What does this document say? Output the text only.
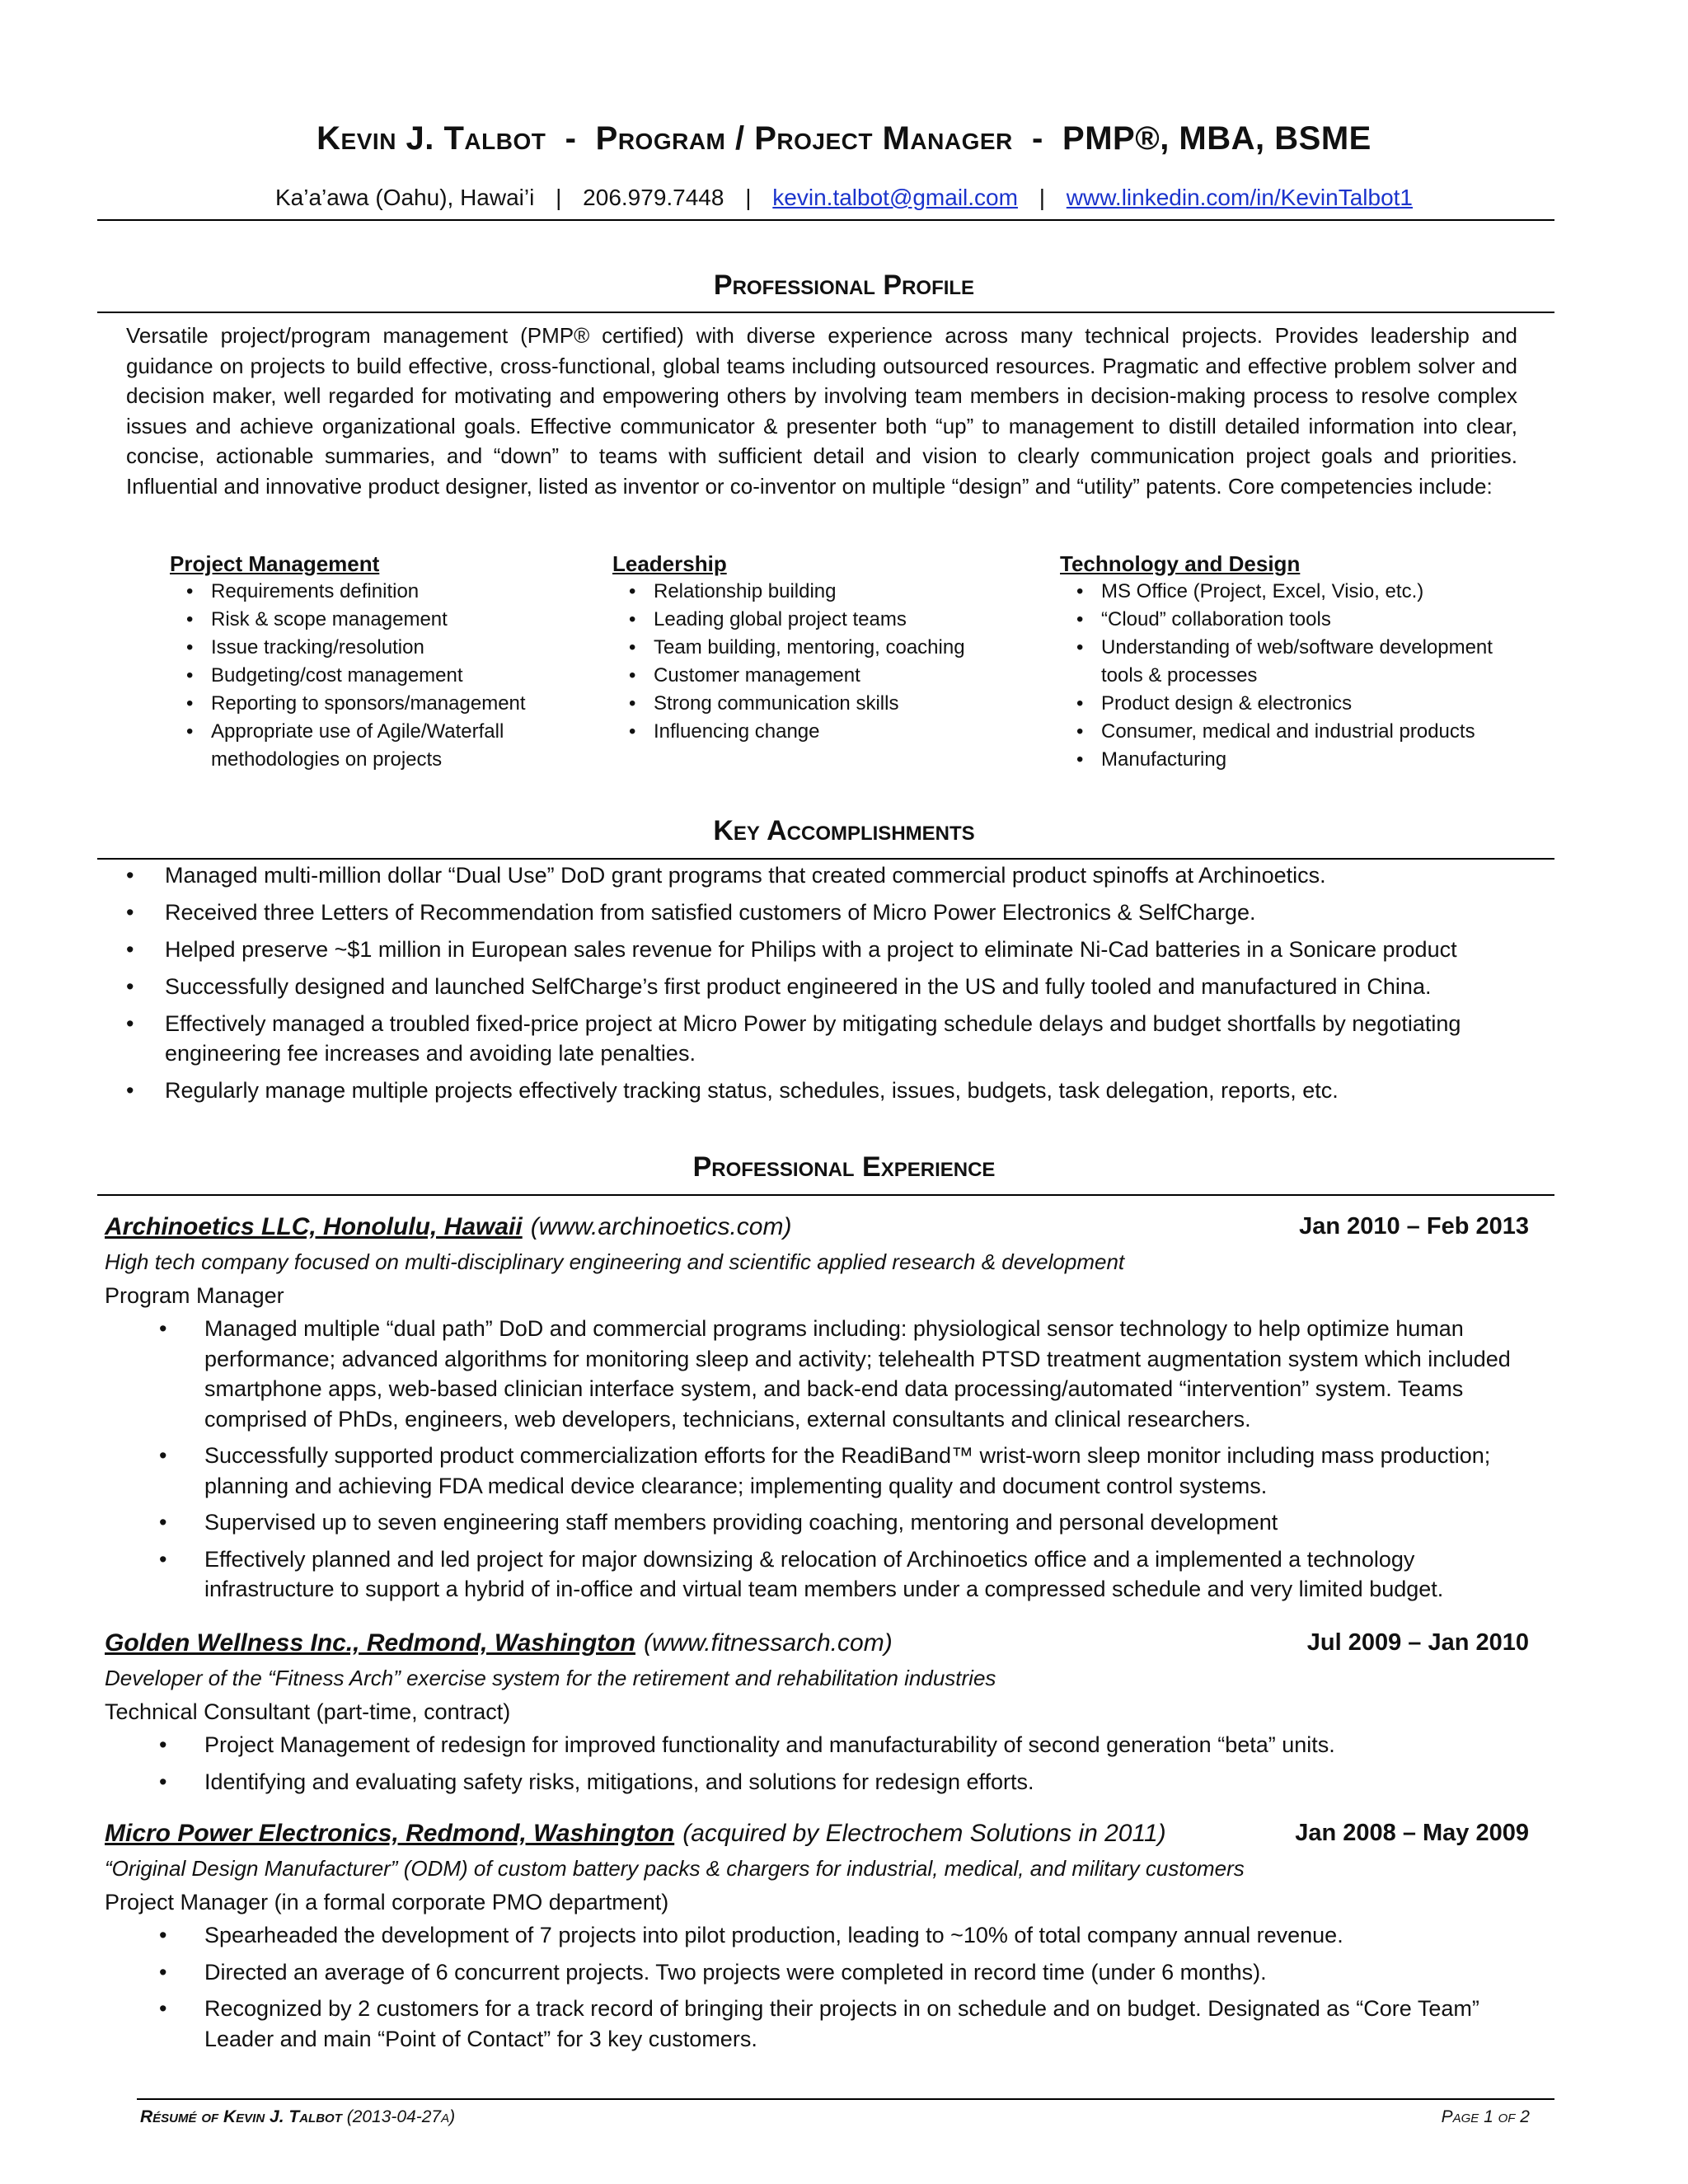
Kevin J. Talbot - Program / Project Manager - PMP®, MBA, BSME
Ka’a’awa (Oahu), Hawai’i | 206.979.7448 | kevin.talbot@gmail.com | www.linkedin.com/in/KevinTalbot1
Professional Profile
Versatile project/program management (PMP® certified) with diverse experience across many technical projects. Provides leadership and guidance on projects to build effective, cross-functional, global teams including outsourced resources. Pragmatic and effective problem solver and decision maker, well regarded for motivating and empowering others by involving team members in decision-making process to resolve complex issues and achieve organizational goals. Effective communicator & presenter both “up” to management to distill detailed information into clear, concise, actionable summaries, and “down” to teams with sufficient detail and vision to clearly communication project goals and priorities. Influential and innovative product designer, listed as inventor or co-inventor on multiple “design” and “utility” patents. Core competencies include:
Project Management
• Requirements definition
• Risk & scope management
• Issue tracking/resolution
• Budgeting/cost management
• Reporting to sponsors/management
• Appropriate use of Agile/Waterfall methodologies on projects
Leadership
• Relationship building
• Leading global project teams
• Team building, mentoring, coaching
• Customer management
• Strong communication skills
• Influencing change
Technology and Design
• MS Office (Project, Excel, Visio, etc.)
• “Cloud” collaboration tools
• Understanding of web/software development tools & processes
• Product design & electronics
• Consumer, medical and industrial products
• Manufacturing
Key Accomplishments
• Managed multi-million dollar “Dual Use” DoD grant programs that created commercial product spinoffs at Archinoetics.
• Received three Letters of Recommendation from satisfied customers of Micro Power Electronics & SelfCharge.
• Helped preserve ~$1 million in European sales revenue for Philips with a project to eliminate Ni-Cad batteries in a Sonicare product
• Successfully designed and launched SelfCharge’s first product engineered in the US and fully tooled and manufactured in China.
• Effectively managed a troubled fixed-price project at Micro Power by mitigating schedule delays and budget shortfalls by negotiating engineering fee increases and avoiding late penalties.
• Regularly manage multiple projects effectively tracking status, schedules, issues, budgets, task delegation, reports, etc.
Professional Experience
Archinoetics LLC, Honolulu, Hawaii (www.archinoetics.com)	Jan 2010 – Feb 2013
High tech company focused on multi-disciplinary engineering and scientific applied research & development
Program Manager
• Managed multiple “dual path” DoD and commercial programs including: physiological sensor technology to help optimize human performance; advanced algorithms for monitoring sleep and activity; telehealth PTSD treatment augmentation system which included smartphone apps, web-based clinician interface system, and back-end data processing/automated “intervention” system. Teams comprised of PhDs, engineers, web developers, technicians, external consultants and clinical researchers.
• Successfully supported product commercialization efforts for the ReadiBand™ wrist-worn sleep monitor including mass production; planning and achieving FDA medical device clearance; implementing quality and document control systems.
• Supervised up to seven engineering staff members providing coaching, mentoring and personal development
• Effectively planned and led project for major downsizing & relocation of Archinoetics office and a implemented a technology infrastructure to support a hybrid of in-office and virtual team members under a compressed schedule and very limited budget.
Golden Wellness Inc., Redmond, Washington (www.fitnessarch.com)	Jul 2009 – Jan 2010
Developer of the “Fitness Arch” exercise system for the retirement and rehabilitation industries
Technical Consultant (part-time, contract)
• Project Management of redesign for improved functionality and manufacturability of second generation “beta” units.
• Identifying and evaluating safety risks, mitigations, and solutions for redesign efforts.
Micro Power Electronics, Redmond, Washington (acquired by Electrochem Solutions in 2011)	Jan 2008 – May 2009
“Original Design Manufacturer” (ODM) of custom battery packs & chargers for industrial, medical, and military customers
Project Manager (in a formal corporate PMO department)
• Spearheaded the development of 7 projects into pilot production, leading to ~10% of total company annual revenue.
• Directed an average of 6 concurrent projects. Two projects were completed in record time (under 6 months).
• Recognized by 2 customers for a track record of bringing their projects in on schedule and on budget. Designated as “Core Team” Leader and main “Point of Contact” for 3 key customers.
Résumé of Kevin J. Talbot (2013-04-27a)	Page 1 of 2
